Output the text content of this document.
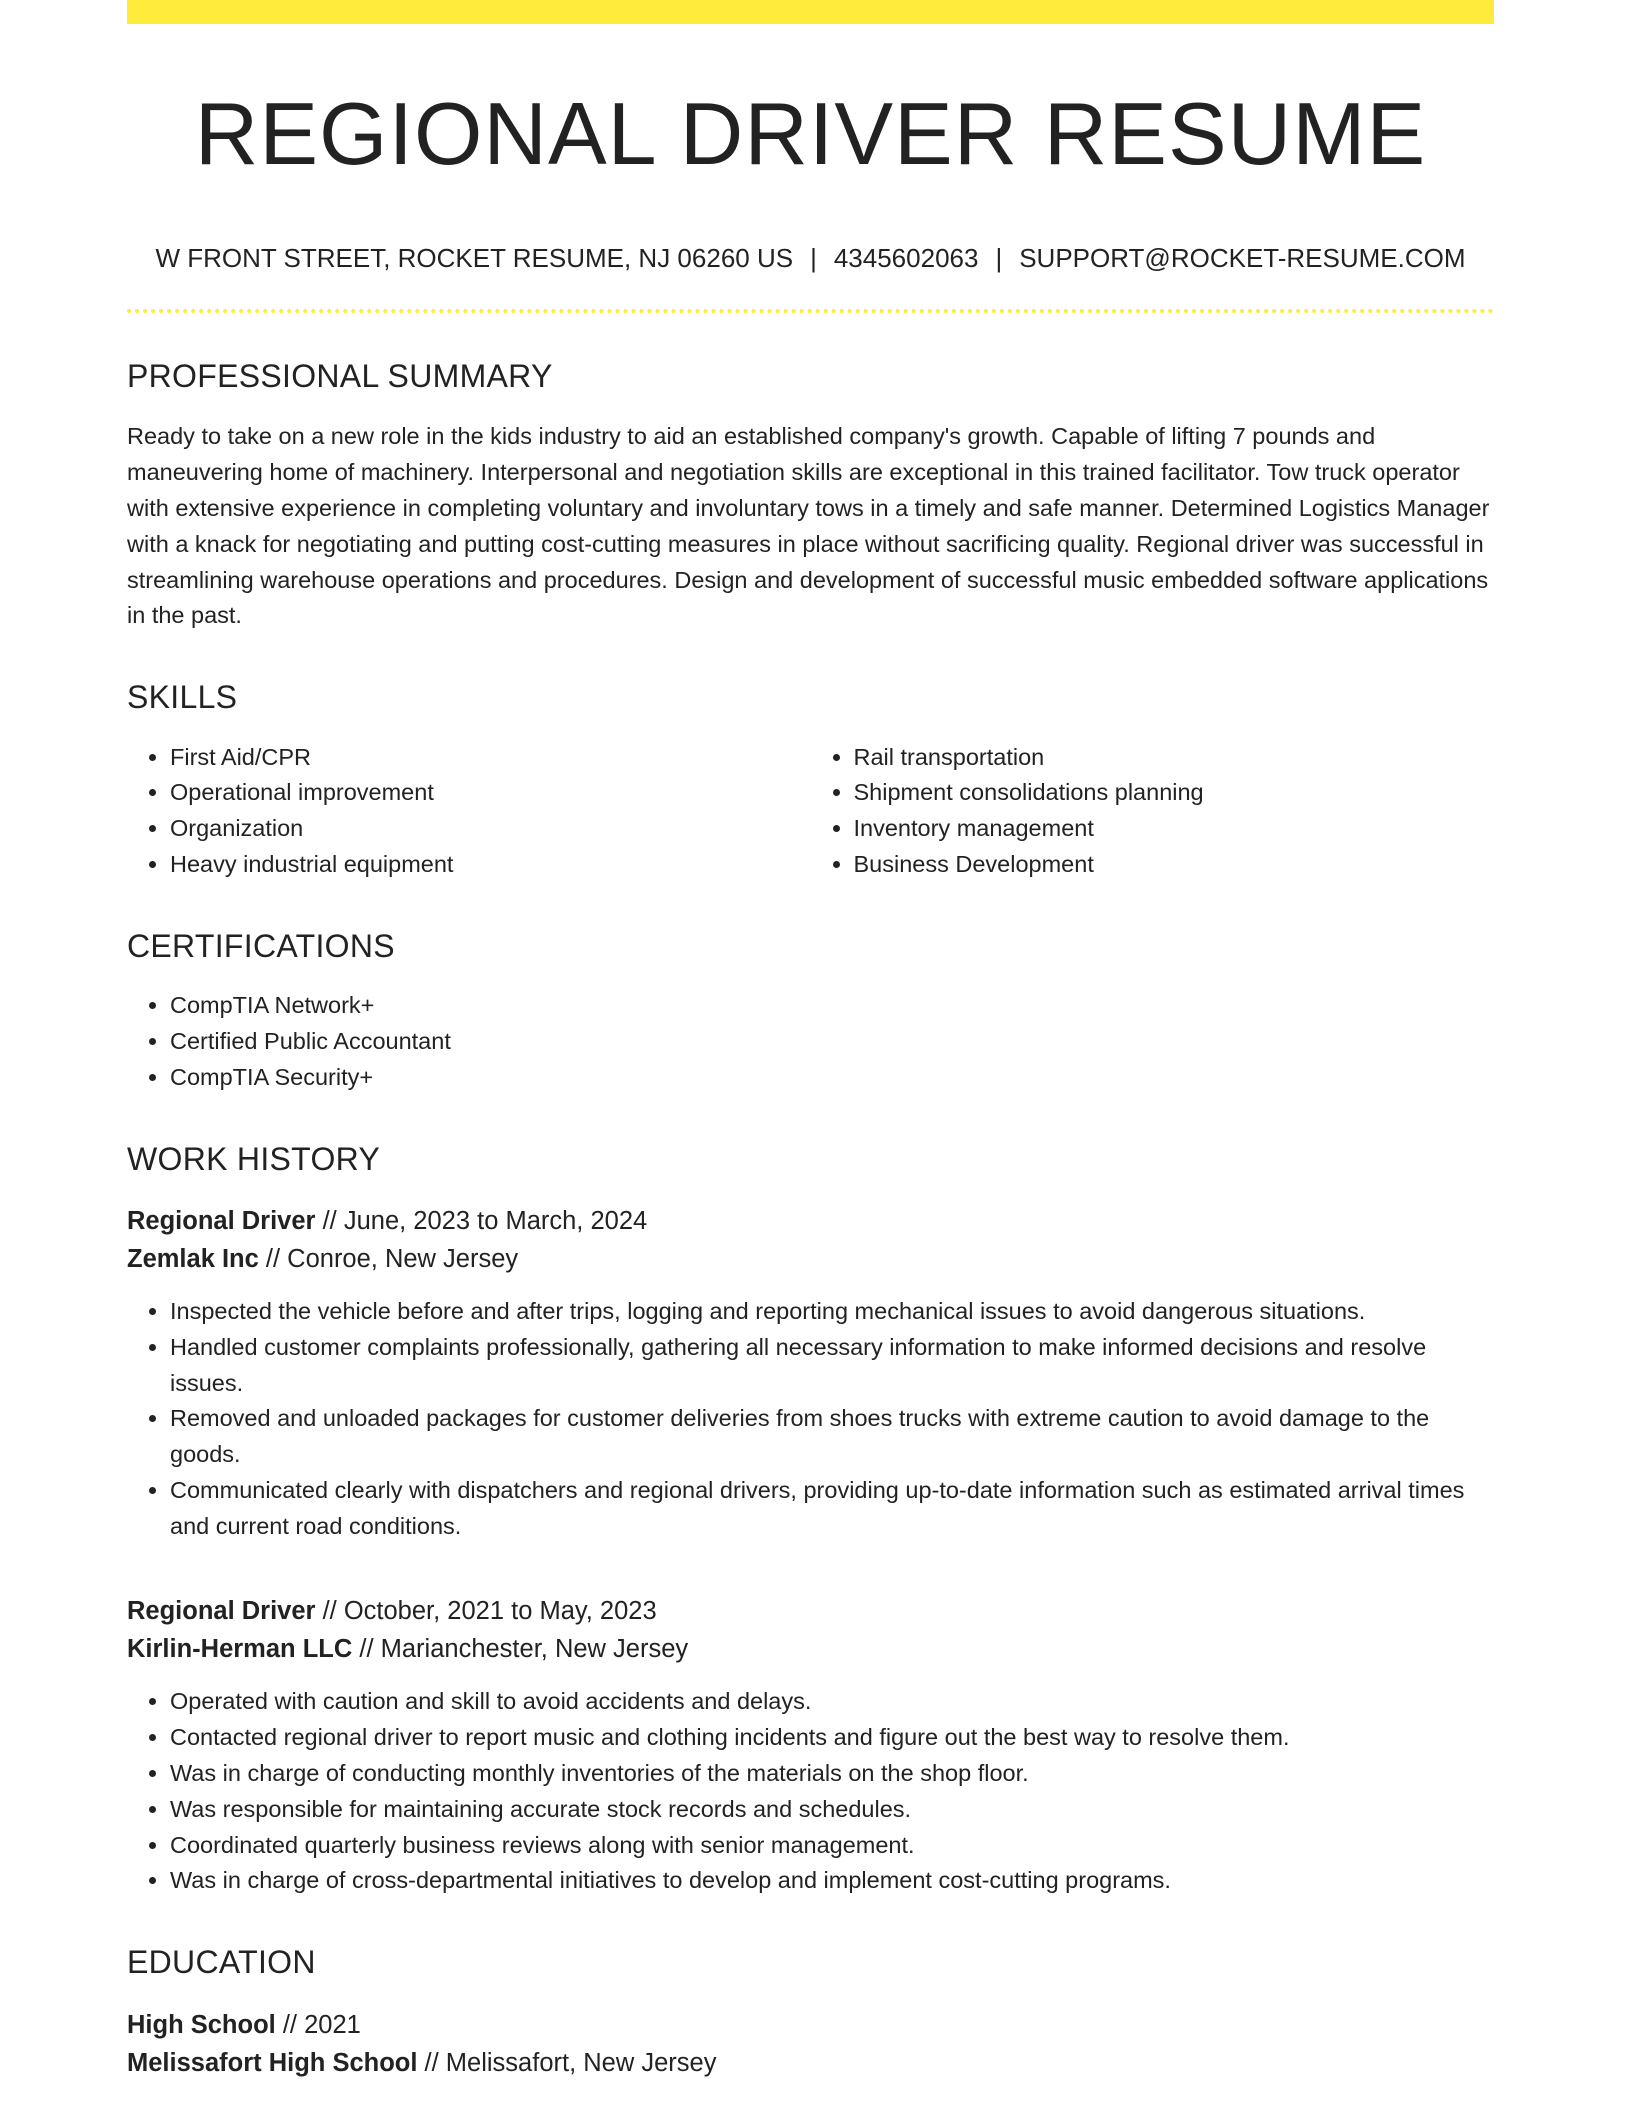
REGIONAL DRIVER RESUME
W FRONT STREET, ROCKET RESUME, NJ 06260 US | 4345602063 | SUPPORT@ROCKET-RESUME.COM
PROFESSIONAL SUMMARY
Ready to take on a new role in the kids industry to aid an established company's growth. Capable of lifting 7 pounds and maneuvering home of machinery. Interpersonal and negotiation skills are exceptional in this trained facilitator. Tow truck operator with extensive experience in completing voluntary and involuntary tows in a timely and safe manner. Determined Logistics Manager with a knack for negotiating and putting cost-cutting measures in place without sacrificing quality. Regional driver was successful in streamlining warehouse operations and procedures. Design and development of successful music embedded software applications in the past.
SKILLS
• First Aid/CPR
• Operational improvement
• Organization
• Heavy industrial equipment
• Rail transportation
• Shipment consolidations planning
• Inventory management
• Business Development
CERTIFICATIONS
• CompTIA Network+
• Certified Public Accountant
• CompTIA Security+
WORK HISTORY
Regional Driver // June, 2023 to March, 2024
Zemlak Inc // Conroe, New Jersey
• Inspected the vehicle before and after trips, logging and reporting mechanical issues to avoid dangerous situations.
• Handled customer complaints professionally, gathering all necessary information to make informed decisions and resolve issues.
• Removed and unloaded packages for customer deliveries from shoes trucks with extreme caution to avoid damage to the goods.
• Communicated clearly with dispatchers and regional drivers, providing up-to-date information such as estimated arrival times and current road conditions.
Regional Driver // October, 2021 to May, 2023
Kirlin-Herman LLC // Marianchester, New Jersey
• Operated with caution and skill to avoid accidents and delays.
• Contacted regional driver to report music and clothing incidents and figure out the best way to resolve them.
• Was in charge of conducting monthly inventories of the materials on the shop floor.
• Was responsible for maintaining accurate stock records and schedules.
• Coordinated quarterly business reviews along with senior management.
• Was in charge of cross-departmental initiatives to develop and implement cost-cutting programs.
EDUCATION
High School // 2021
Melissafort High School // Melissafort, New Jersey
